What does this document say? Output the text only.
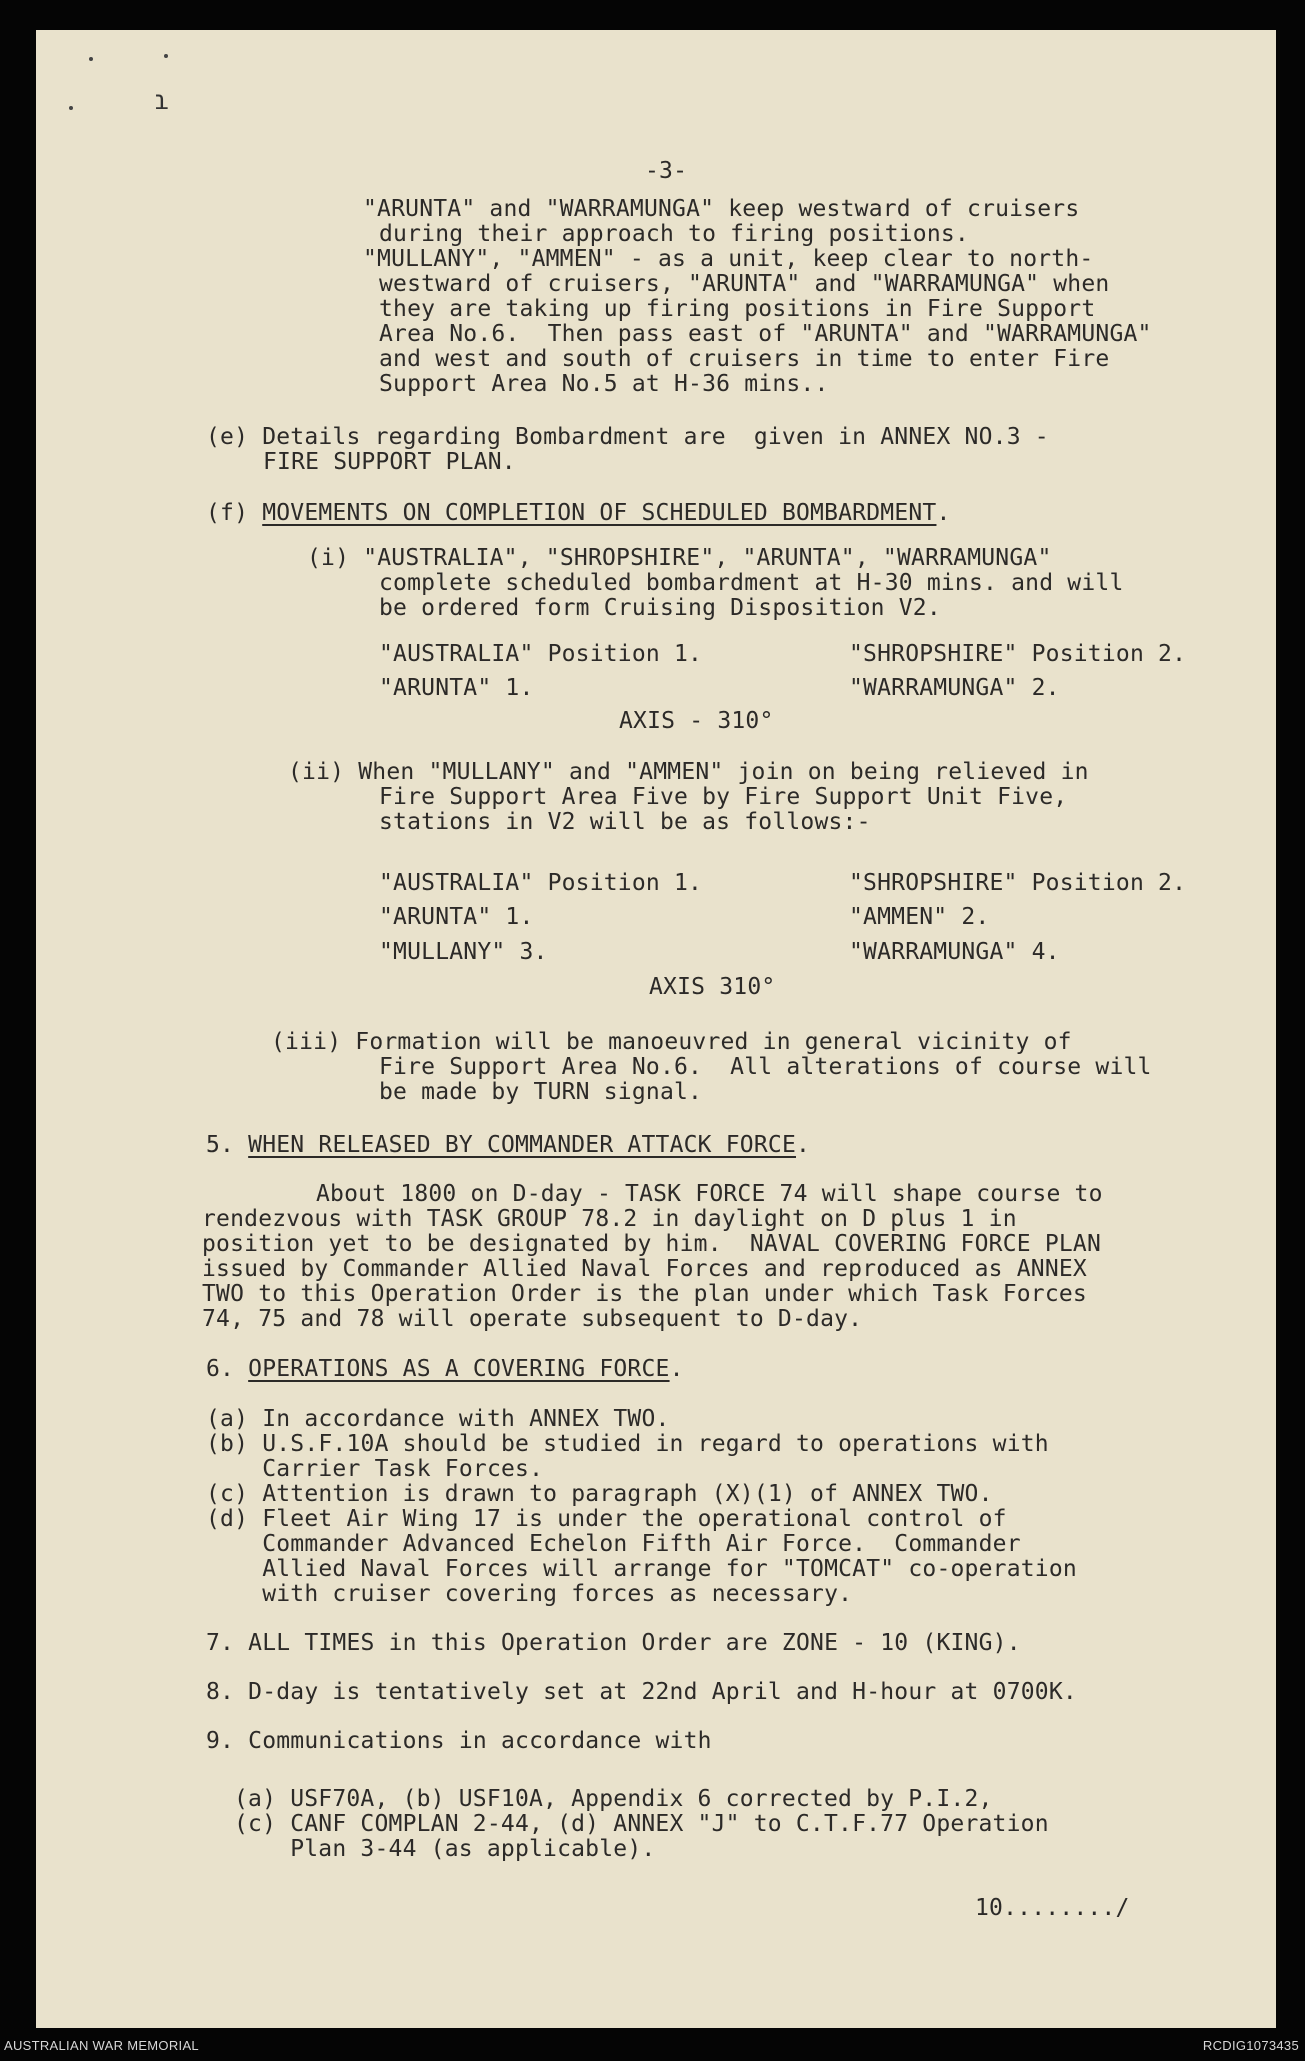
ɿ
-3-
"ARUNTA" and "WARRAMUNGA" keep westward of cruisers
during their approach to firing positions.
"MULLANY", "AMMEN" - as a unit, keep clear to north-
westward of cruisers, "ARUNTA" and "WARRAMUNGA" when
they are taking up firing positions in Fire Support
Area No.6.  Then pass east of "ARUNTA" and "WARRAMUNGA"
and west and south of cruisers in time to enter Fire
Support Area No.5 at H-36 mins..
(e) Details regarding Bombardment are  given in ANNEX NO.3 -
FIRE SUPPORT PLAN.
(f) MOVEMENTS ON COMPLETION OF SCHEDULED BOMBARDMENT.
(i) "AUSTRALIA", "SHROPSHIRE", "ARUNTA", "WARRAMUNGA"
complete scheduled bombardment at H-30 mins. and will
be ordered form Cruising Disposition V2.
"AUSTRALIA" Position 1.	"SHROPSHIRE" Position 2.
"ARUNTA" 1.	"WARRAMUNGA" 2.
AXIS - 310°
(ii) When "MULLANY" and "AMMEN" join on being relieved in
Fire Support Area Five by Fire Support Unit Five,
stations in V2 will be as follows:-
"AUSTRALIA" Position 1.	"SHROPSHIRE" Position 2.
"ARUNTA" 1.	"AMMEN" 2.
"MULLANY" 3.	"WARRAMUNGA" 4.
AXIS 310°
(iii) Formation will be manoeuvred in general vicinity of
Fire Support Area No.6.  All alterations of course will
be made by TURN signal.
5. WHEN RELEASED BY COMMANDER ATTACK FORCE.
About 1800 on D-day - TASK FORCE 74 will shape course to
rendezvous with TASK GROUP 78.2 in daylight on D plus 1 in
position yet to be designated by him.  NAVAL COVERING FORCE PLAN
issued by Commander Allied Naval Forces and reproduced as ANNEX
TWO to this Operation Order is the plan under which Task Forces
74, 75 and 78 will operate subsequent to D-day.
6. OPERATIONS AS A COVERING FORCE.
(a) In accordance with ANNEX TWO.
(b) U.S.F.10A should be studied in regard to operations with
Carrier Task Forces.
(c) Attention is drawn to paragraph (X)(1) of ANNEX TWO.
(d) Fleet Air Wing 17 is under the operational control of
Commander Advanced Echelon Fifth Air Force.  Commander
Allied Naval Forces will arrange for "TOMCAT" co-operation
with cruiser covering forces as necessary.
7. ALL TIMES in this Operation Order are ZONE - 10 (KING).
8. D-day is tentatively set at 22nd April and H-hour at 0700K.
9. Communications in accordance with
(a) USF70A, (b) USF10A, Appendix 6 corrected by P.I.2,
(c) CANF COMPLAN 2-44, (d) ANNEX "J" to C.T.F.77 Operation
Plan 3-44 (as applicable).
10......../
AUSTRALIAN WAR MEMORIAL	RCDIG1073435
